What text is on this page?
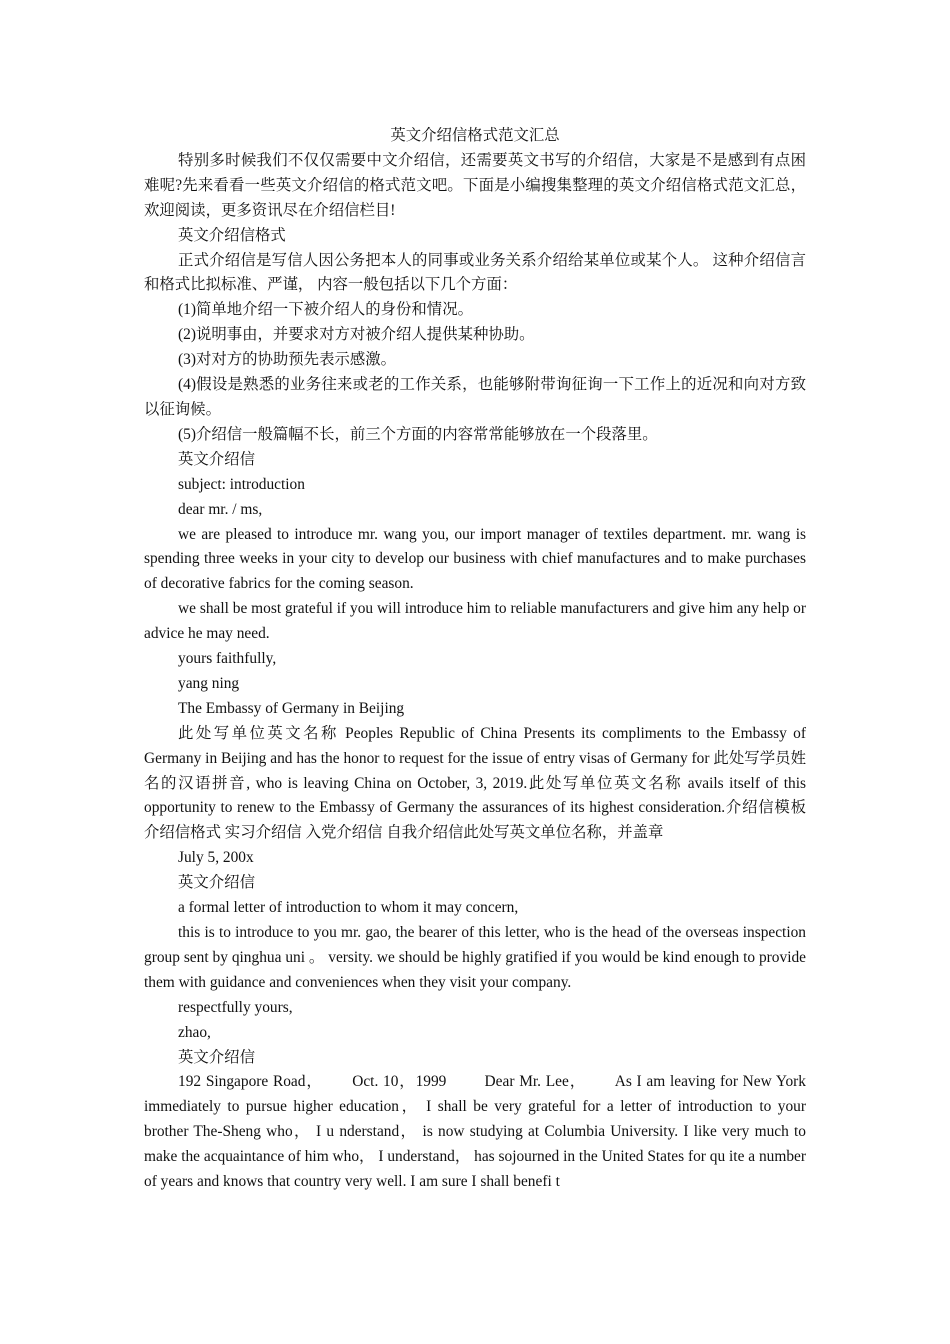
英文介绍信格式范文汇总

特别多时候我们不仅仅需要中文介绍信，还需要英文书写的介绍信，大家是不是感到有点困难呢?先来看看一些英文介绍信的格式范文吧。下面是小编搜集整理的英文介绍信格式范文汇总，欢迎阅读，更多资讯尽在介绍信栏目!

英文介绍信格式

正式介绍信是写信人因公务把本人的同事或业务关系介绍给某单位或某个人。 这种介绍信言和格式比拟标准、严谨， 内容一般包括以下几个方面：

(1)简单地介绍一下被介绍人的身份和情况。

(2)说明事由，并要求对方对被介绍人提供某种协助。

(3)对对方的协助预先表示感激。

(4)假设是熟悉的业务往来或老的工作关系，也能够附带询征询一下工作上的近况和向对方致以征询候。

(5)介绍信一般篇幅不长，前三个方面的内容常常能够放在一个段落里。

英文介绍信

subject: introduction

dear mr. / ms,

we are pleased to introduce mr. wang you, our import manager of textiles department. mr. wang is spending three weeks in your city to develop our business with chief manufactures and to make purchases of decorative fabrics for the coming season.

we shall be most grateful if you will introduce him to reliable manufacturers and give him any help or advice he may need.

yours faithfully,

yang ning

The Embassy of Germany in Beijing

此处写单位英文名称 Peoples Republic of China Presents its compliments to the Embassy of Germany in Beijing and has the honor to request for the issue of entry visas of Germany for 此处写学员姓名的汉语拼音, who is leaving China on October, 3, 2019.此处写单位英文名称 avails itself of this opportunity to renew to the Embassy of Germany the assurances of its highest consideration.介绍信模板 介绍信格式 实习介绍信 入党介绍信 自我介绍信此处写英文单位名称，并盖章

July 5, 200x

英文介绍信

a formal letter of introduction to whom it may concern,

this is to introduce to you mr. gao, the bearer of this letter, who is the head of the overseas inspection group sent by qinghua uni 。 versity. we should be highly gratified if you would be kind enough to provide them with guidance and conveniences when they visit your company.

respectfully yours,

zhao,

英文介绍信

192 Singapore Road，　　 Oct. 10，1999　　 Dear Mr. Lee，　　 As I am leaving for New York immediately to pursue higher education， I shall be very grateful for a letter of introduction to your brother The-Sheng who， I u nderstand， is now studying at Columbia University. I like very much to make the acquaintance of him who， I understand， has sojourned in the United States for qu ite a number of years and knows that country very well. I am sure I shall benefi t
